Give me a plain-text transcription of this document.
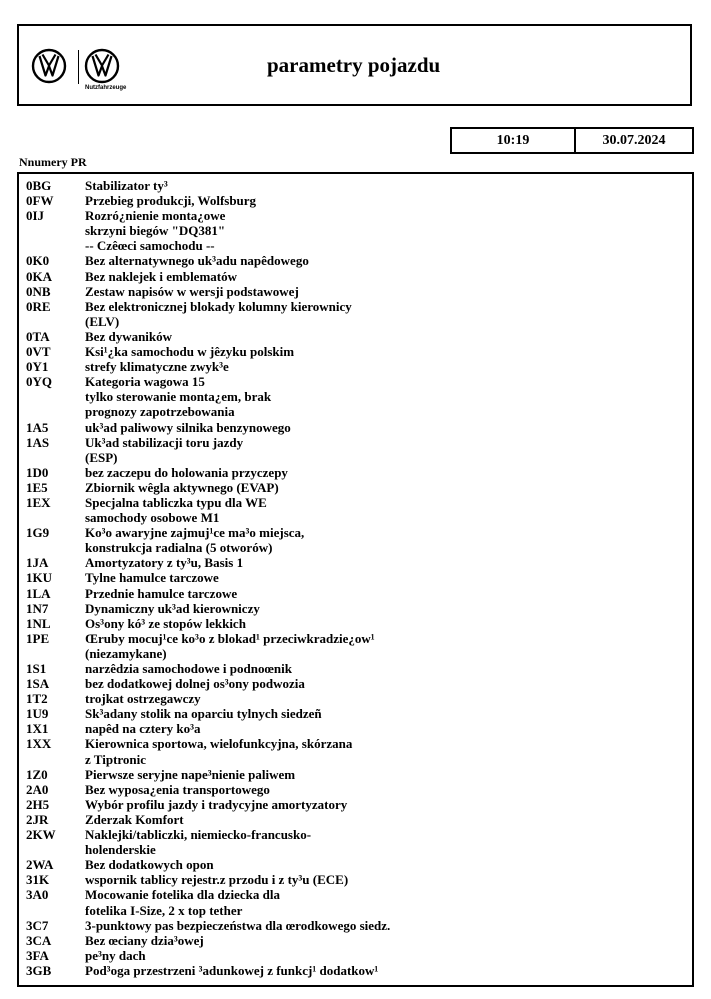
Nutzfahrzeuge
parametry pojazdu
10:19	30.07.2024
Nnumery PR
0BG	Stabilizator ty³
0FW	Przebieg produkcji, Wolfsburg
0IJ	Rozró¿nienie monta¿owe
skrzyni biegów "DQ381"
-- Czêœci samochodu --
0K0	Bez alternatywnego uk³adu napêdowego
0KA	Bez naklejek i emblematów
0NB	Zestaw napisów w wersji podstawowej
0RE	Bez elektronicznej blokady kolumny kierownicy
(ELV)
0TA	Bez dywaników
0VT	Ksi¹¿ka samochodu w jêzyku polskim
0Y1	strefy klimatyczne zwyk³e
0YQ	Kategoria wagowa 15
tylko sterowanie monta¿em, brak
prognozy zapotrzebowania
1A5	uk³ad paliwowy silnika benzynowego
1AS	Uk³ad stabilizacji toru jazdy
(ESP)
1D0	bez zaczepu do holowania przyczepy
1E5	Zbiornik wêgla aktywnego (EVAP)
1EX	Specjalna tabliczka typu dla WE
samochody osobowe M1
1G9	Ko³o awaryjne zajmuj¹ce ma³o miejsca,
konstrukcja radialna (5 otworów)
1JA	Amortyzatory z ty³u, Basis 1
1KU	Tylne hamulce tarczowe
1LA	Przednie hamulce tarczowe
1N7	Dynamiczny uk³ad kierowniczy
1NL	Os³ony kó³ ze stopów lekkich
1PE	Œruby mocuj¹ce ko³o z blokad¹ przeciwkradzie¿ow¹
(niezamykane)
1S1	narzêdzia samochodowe i podnoœnik
1SA	bez dodatkowej dolnej os³ony podwozia
1T2	trojkat ostrzegawczy
1U9	Sk³adany stolik na oparciu tylnych siedzeñ
1X1	napêd na cztery ko³a
1XX	Kierownica sportowa, wielofunkcyjna, skórzana
z Tiptronic
1Z0	Pierwsze seryjne nape³nienie paliwem
2A0	Bez wyposa¿enia transportowego
2H5	Wybór profilu jazdy i tradycyjne amortyzatory
2JR	Zderzak Komfort
2KW	Naklejki/tabliczki, niemiecko-francusko-
holenderskie
2WA	Bez dodatkowych opon
31K	wspornik tablicy rejestr.z przodu i z ty³u (ECE)
3A0	Mocowanie fotelika dla dziecka dla
fotelika I-Size, 2 x top tether
3C7	3-punktowy pas bezpieczeństwa dla œrodkowego siedz.
3CA	Bez œciany dzia³owej
3FA	pe³ny dach
3GB	Pod³oga przestrzeni ³adunkowej z funkcj¹ dodatkow¹
